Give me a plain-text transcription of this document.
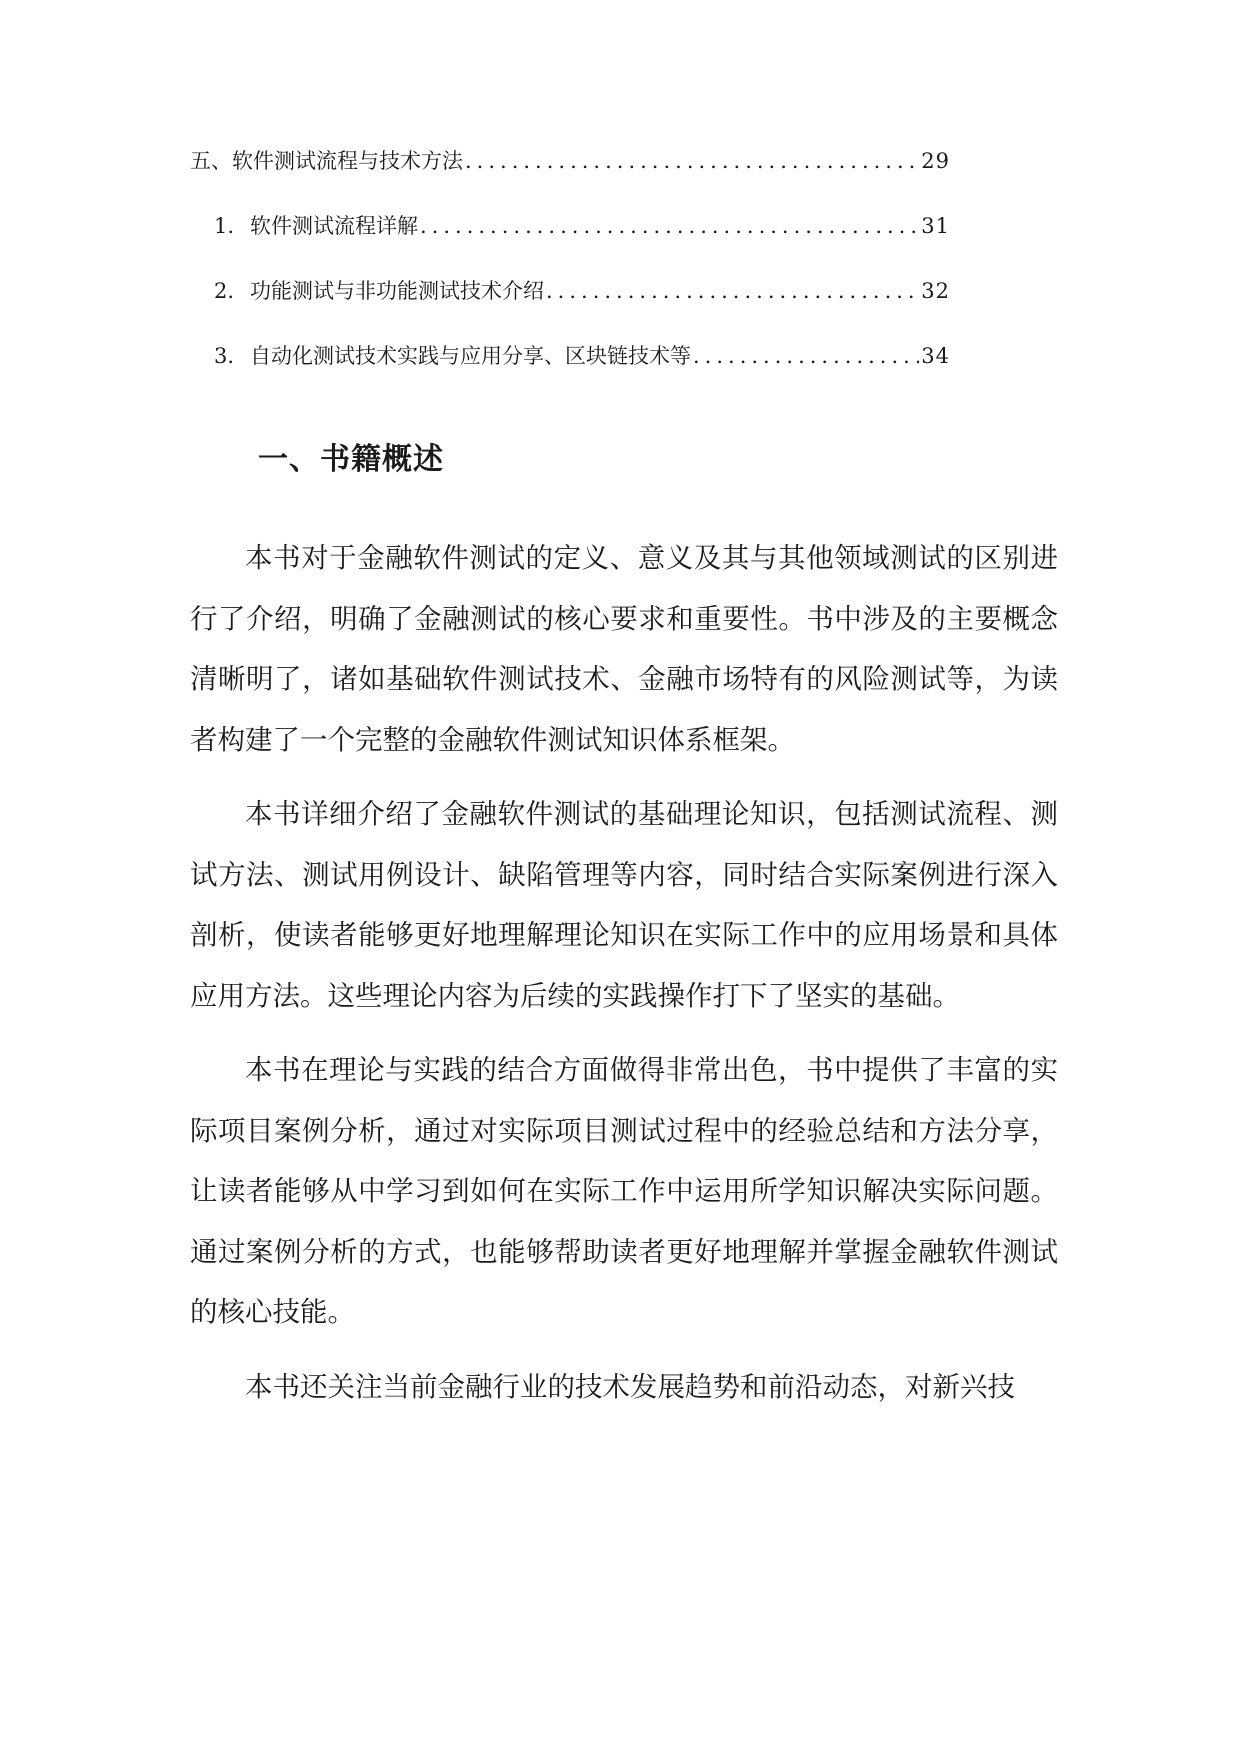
五、软件测试流程与技术方法 .....	29
1. 软件测试流程详解 .....	31
2. 功能测试与非功能测试技术介绍 .....	32
3. 自动化测试技术实践与应用分享、区块链技术等 .....	34
一、书籍概述

本书对于金融软件测试的定义、意义及其与其他领域测试的区别进行了介绍，明确了金融测试的核心要求和重要性。书中涉及的主要概念清晰明了，诸如基础软件测试技术、金融市场特有的风险测试等，为读者构建了一个完整的金融软件测试知识体系框架。

本书详细介绍了金融软件测试的基础理论知识，包括测试流程、测试方法、测试用例设计、缺陷管理等内容，同时结合实际案例进行深入剖析，使读者能够更好地理解理论知识在实际工作中的应用场景和具体应用方法。这些理论内容为后续的实践操作打下了坚实的基础。

本书在理论与实践的结合方面做得非常出色，书中提供了丰富的实际项目案例分析，通过对实际项目测试过程中的经验总结和方法分享，让读者能够从中学习到如何在实际工作中运用所学知识解决实际问题。通过案例分析的方式，也能够帮助读者更好地理解并掌握金融软件测试的核心技能。

本书还关注当前金融行业的技术发展趋势和前沿动态，对新兴技
